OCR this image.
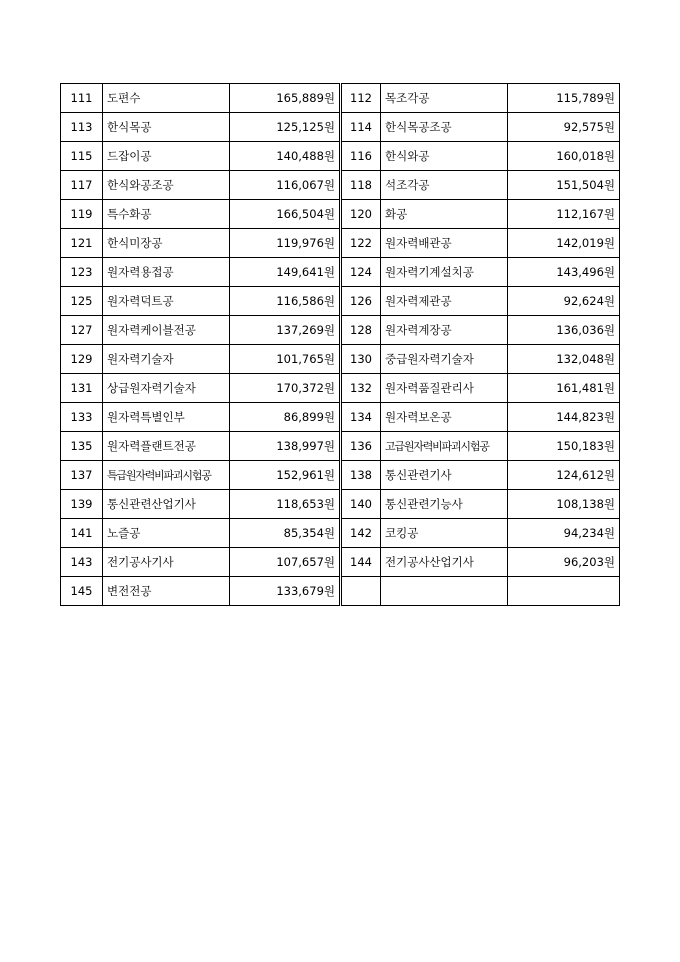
111	도편수	165,889원	112	목조각공	115,789원
113	한식목공	125,125원	114	한식목공조공	92,575원
115	드잡이공	140,488원	116	한식와공	160,018원
117	한식와공조공	116,067원	118	석조각공	151,504원
119	특수화공	166,504원	120	화공	112,167원
121	한식미장공	119,976원	122	원자력배관공	142,019원
123	원자력용접공	149,641원	124	원자력기계설치공	143,496원
125	원자력덕트공	116,586원	126	원자력제관공	92,624원
127	원자력케이블전공	137,269원	128	원자력계장공	136,036원
129	원자력기술자	101,765원	130	중급원자력기술자	132,048원
131	상급원자력기술자	170,372원	132	원자력품질관리사	161,481원
133	원자력특별인부	86,899원	134	원자력보온공	144,823원
135	원자력플랜트전공	138,997원	136	고급원자력비파괴시험공	150,183원
137	특급원자력비파괴시험공	152,961원	138	통신관련기사	124,612원
139	통신관련산업기사	118,653원	140	통신관련기능사	108,138원
141	노즐공	85,354원	142	코킹공	94,234원
143	전기공사기사	107,657원	144	전기공사산업기사	96,203원
145	변전전공	133,679원			
